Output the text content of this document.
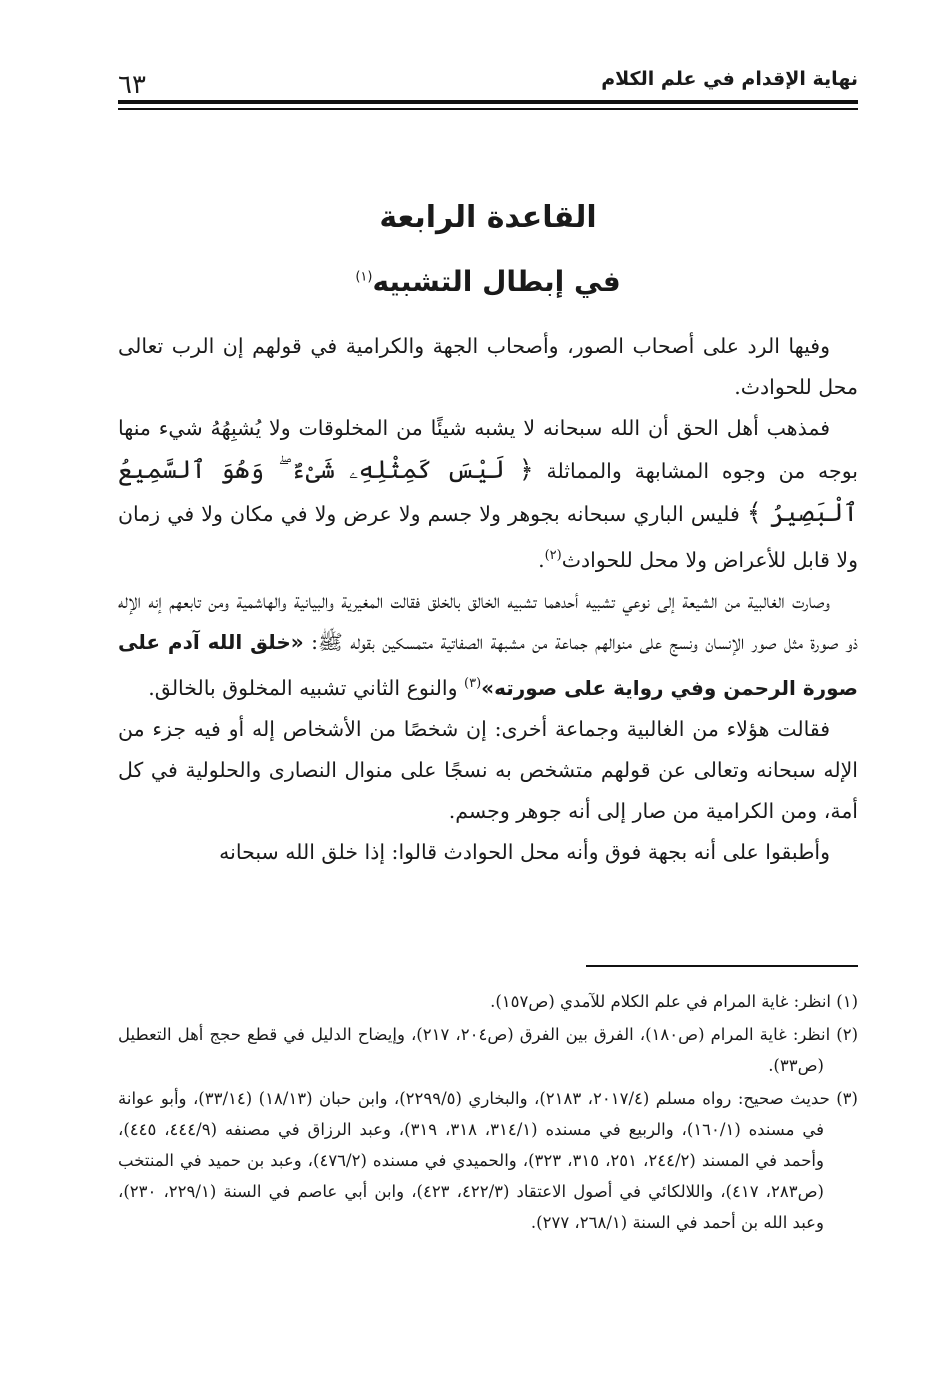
نهاية الإقدام في علم الكلام
٦٣
القاعدة الرابعة
في إبطال التشبيه$^{(١)}$

وفيها الرد على أصحاب الصور، وأصحاب الجهة والكرامية في قولهم إن الرب تعالى محل للحوادث.

فمذهب أهل الحق أن الله سبحانه لا يشبه شيئًا من المخلوقات ولا يُشبِهُهُ شيء منها بوجه من وجوه المشابهة والمماثلة ﴿ لَيْسَ كَمِثْلِهِۦ شَىْءٌ ۖ وَهُوَ ٱلسَّمِيعُ ٱلْبَصِيرُ ﴾ فليس الباري سبحانه بجوهر ولا جسم ولا عرض ولا في مكان ولا في زمان ولا قابل للأعراض ولا محل للحوادث$^{(٢)}$.

وصارت الغالبية من الشيعة إلى نوعي تشبيه أحدهما تشبيه الخالق بالخلق فقالت المغيرية والبيانية والهاشمية ومن تابعهم إنه الإله ذو صورة مثل صور الإنسان ونسج على منوالهم جماعة من مشبهة الصفاتية متمسكين بقوله ﷺ: «خلق الله آدم على صورة الرحمن وفي رواية على صورته»$^{(٣)}$ والنوع الثاني تشبيه المخلوق بالخالق.

فقالت هؤلاء من الغالبية وجماعة أخرى: إن شخصًا من الأشخاص إله أو فيه جزء من الإله سبحانه وتعالى عن قولهم متشخص به نسجًا على منوال النصارى والحلولية في كل أمة، ومن الكرامية من صار إلى أنه جوهر وجسم.

وأطبقوا على أنه بجهة فوق وأنه محل الحوادث قالوا: إذا خلق الله سبحانه

(١) انظر: غاية المرام في علم الكلام للآمدي (ص١٥٧).

(٢) انظر: غاية المرام (ص١٨٠)، الفرق بين الفرق (ص٢٠٤، ٢١٧)، وإيضاح الدليل في قطع حجج أهل التعطيل (ص٣٣).

(٣) حديث صحيح: رواه مسلم (٢٠١٧/٤، ٢١٨٣)، والبخاري (٢٢٩٩/٥)، وابن حبان (١٨/١٣) (٣٣/١٤)، وأبو عوانة في مسنده (١٦٠/١)، والربيع في مسنده (٣١٤/١، ٣١٨، ٣١٩)، وعبد الرزاق في مصنفه (٤٤٤/٩، ٤٤٥)، وأحمد في المسند (٢٤٤/٢، ٢٥١، ٣١٥، ٣٢٣)، والحميدي في مسنده (٤٧٦/٢)، وعبد بن حميد في المنتخب (ص٢٨٣، ٤١٧)، واللالكائي في أصول الاعتقاد (٤٢٢/٣، ٤٢٣)، وابن أبي عاصم في السنة (٢٢٩/١، ٢٣٠)، وعبد الله بن أحمد في السنة (٢٦٨/١، ٢٧٧).
